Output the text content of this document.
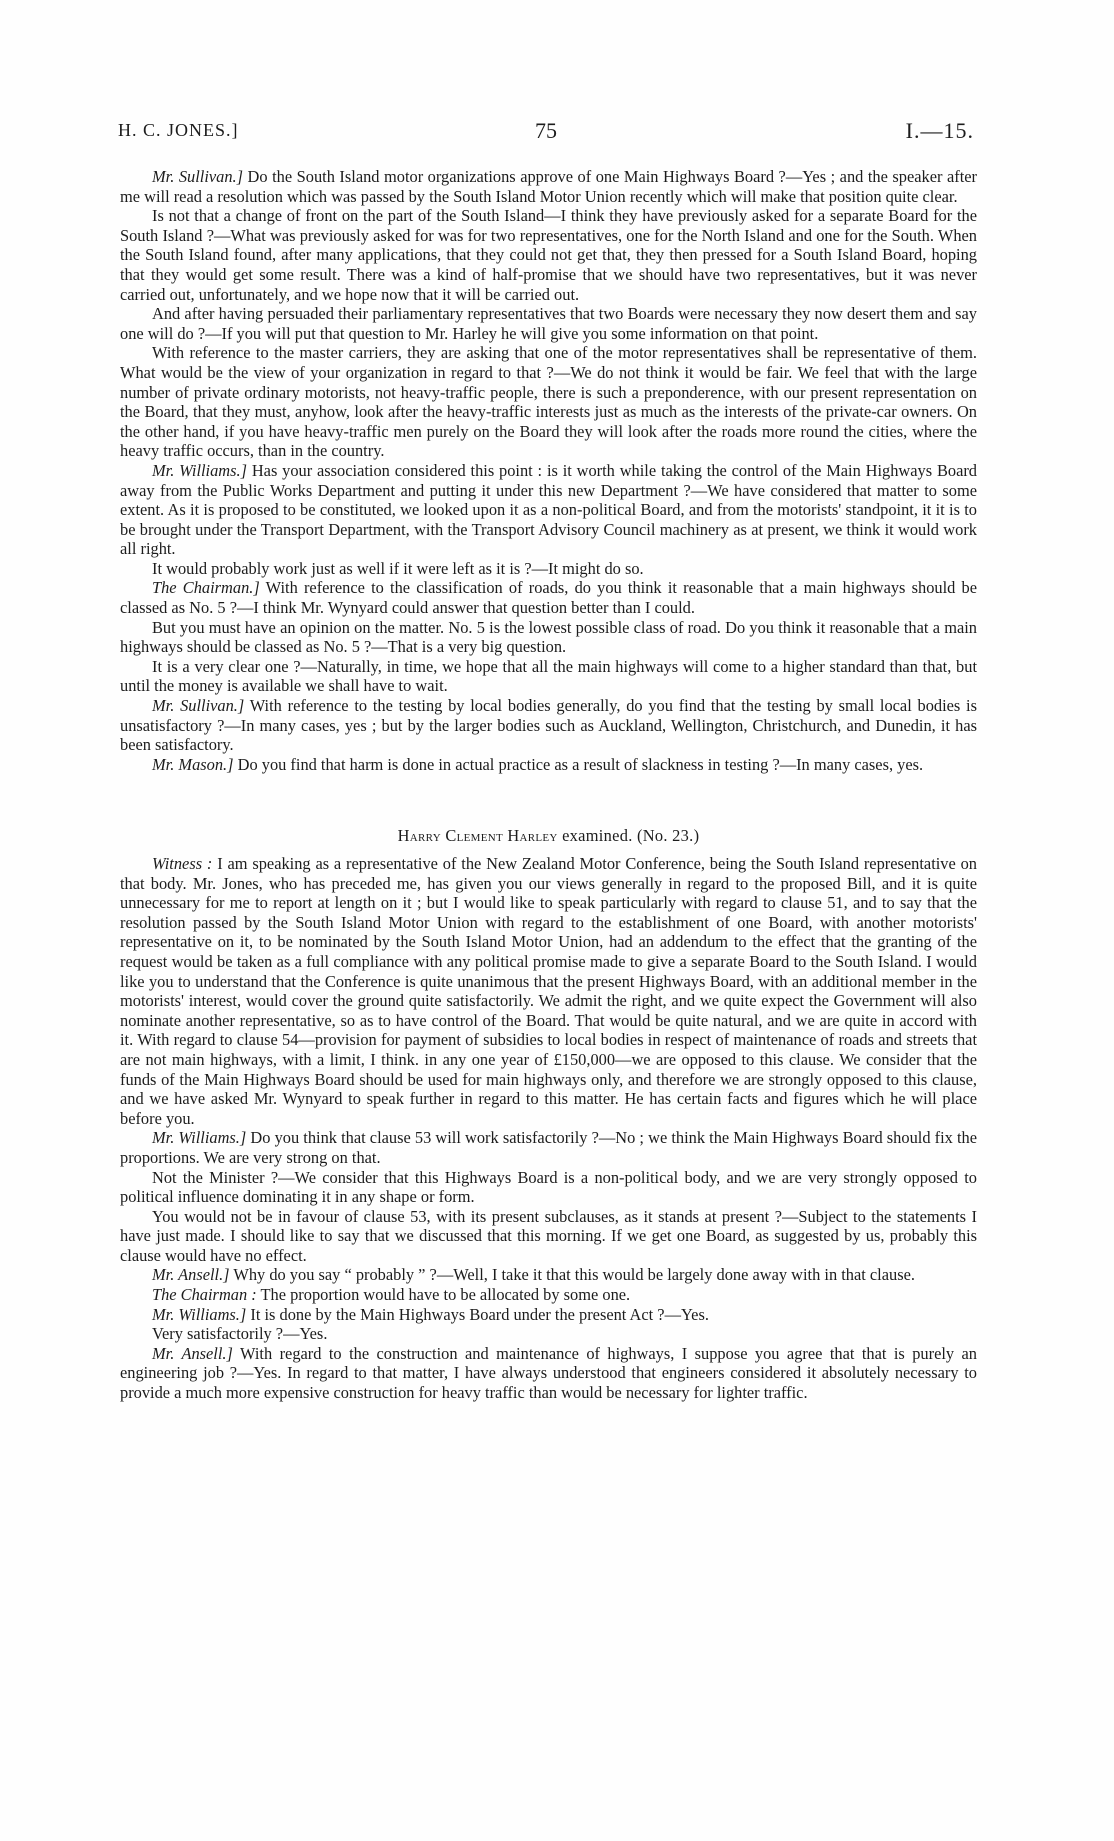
H. C. JONES.]	75	I.—15.

Mr. Sullivan.] Do the South Island motor organizations approve of one Main Highways Board ?—Yes ; and the speaker after me will read a resolution which was passed by the South Island Motor Union recently which will make that position quite clear.

Is not that a change of front on the part of the South Island—I think they have previously asked for a separate Board for the South Island ?—What was previously asked for was for two representatives, one for the North Island and one for the South. When the South Island found, after many applications, that they could not get that, they then pressed for a South Island Board, hoping that they would get some result. There was a kind of half-promise that we should have two representatives, but it was never carried out, unfortunately, and we hope now that it will be carried out.

And after having persuaded their parliamentary representatives that two Boards were necessary they now desert them and say one will do ?—If you will put that question to Mr. Harley he will give you some information on that point.

With reference to the master carriers, they are asking that one of the motor representatives shall be representative of them. What would be the view of your organization in regard to that ?—We do not think it would be fair. We feel that with the large number of private ordinary motorists, not heavy-traffic people, there is such a preponderence, with our present representation on the Board, that they must, anyhow, look after the heavy-traffic interests just as much as the interests of the private-car owners. On the other hand, if you have heavy-traffic men purely on the Board they will look after the roads more round the cities, where the heavy traffic occurs, than in the country.

Mr. Williams.] Has your association considered this point : is it worth while taking the control of the Main Highways Board away from the Public Works Department and putting it under this new Department ?—We have considered that matter to some extent. As it is proposed to be constituted, we looked upon it as a non-political Board, and from the motorists' standpoint, it it is to be brought under the Transport Department, with the Transport Advisory Council machinery as at present, we think it would work all right.

It would probably work just as well if it were left as it is ?—It might do so.

The Chairman.] With reference to the classification of roads, do you think it reasonable that a main highways should be classed as No. 5 ?—I think Mr. Wynyard could answer that question better than I could.

But you must have an opinion on the matter. No. 5 is the lowest possible class of road. Do you think it reasonable that a main highways should be classed as No. 5 ?—That is a very big question.

It is a very clear one ?—Naturally, in time, we hope that all the main highways will come to a higher standard than that, but until the money is available we shall have to wait.

Mr. Sullivan.] With reference to the testing by local bodies generally, do you find that the testing by small local bodies is unsatisfactory ?—In many cases, yes ; but by the larger bodies such as Auckland, Wellington, Christchurch, and Dunedin, it has been satisfactory.

Mr. Mason.] Do you find that harm is done in actual practice as a result of slackness in testing ?—In many cases, yes.

Harry Clement Harley examined. (No. 23.)

Witness : I am speaking as a representative of the New Zealand Motor Conference, being the South Island representative on that body. Mr. Jones, who has preceded me, has given you our views generally in regard to the proposed Bill, and it is quite unnecessary for me to report at length on it ; but I would like to speak particularly with regard to clause 51, and to say that the resolution passed by the South Island Motor Union with regard to the establishment of one Board, with another motorists' representative on it, to be nominated by the South Island Motor Union, had an addendum to the effect that the granting of the request would be taken as a full compliance with any political promise made to give a separate Board to the South Island. I would like you to understand that the Conference is quite unanimous that the present Highways Board, with an additional member in the motorists' interest, would cover the ground quite satisfactorily. We admit the right, and we quite expect the Government will also nominate another representative, so as to have control of the Board. That would be quite natural, and we are quite in accord with it. With regard to clause 54—provision for payment of subsidies to local bodies in respect of maintenance of roads and streets that are not main highways, with a limit, I think. in any one year of £150,000—we are opposed to this clause. We consider that the funds of the Main Highways Board should be used for main highways only, and therefore we are strongly opposed to this clause, and we have asked Mr. Wynyard to speak further in regard to this matter. He has certain facts and figures which he will place before you.

Mr. Williams.] Do you think that clause 53 will work satisfactorily ?—No ; we think the Main Highways Board should fix the proportions. We are very strong on that.

Not the Minister ?—We consider that this Highways Board is a non-political body, and we are very strongly opposed to political influence dominating it in any shape or form.

You would not be in favour of clause 53, with its present subclauses, as it stands at present ?—Subject to the statements I have just made. I should like to say that we discussed that this morning. If we get one Board, as suggested by us, probably this clause would have no effect.

Mr. Ansell.] Why do you say “ probably ” ?—Well, I take it that this would be largely done away with in that clause.

The Chairman : The proportion would have to be allocated by some one.

Mr. Williams.] It is done by the Main Highways Board under the present Act ?—Yes.

Very satisfactorily ?—Yes.

Mr. Ansell.] With regard to the construction and maintenance of highways, I suppose you agree that that is purely an engineering job ?—Yes. In regard to that matter, I have always understood that engineers considered it absolutely necessary to provide a much more expensive construction for heavy traffic than would be necessary for lighter traffic.
